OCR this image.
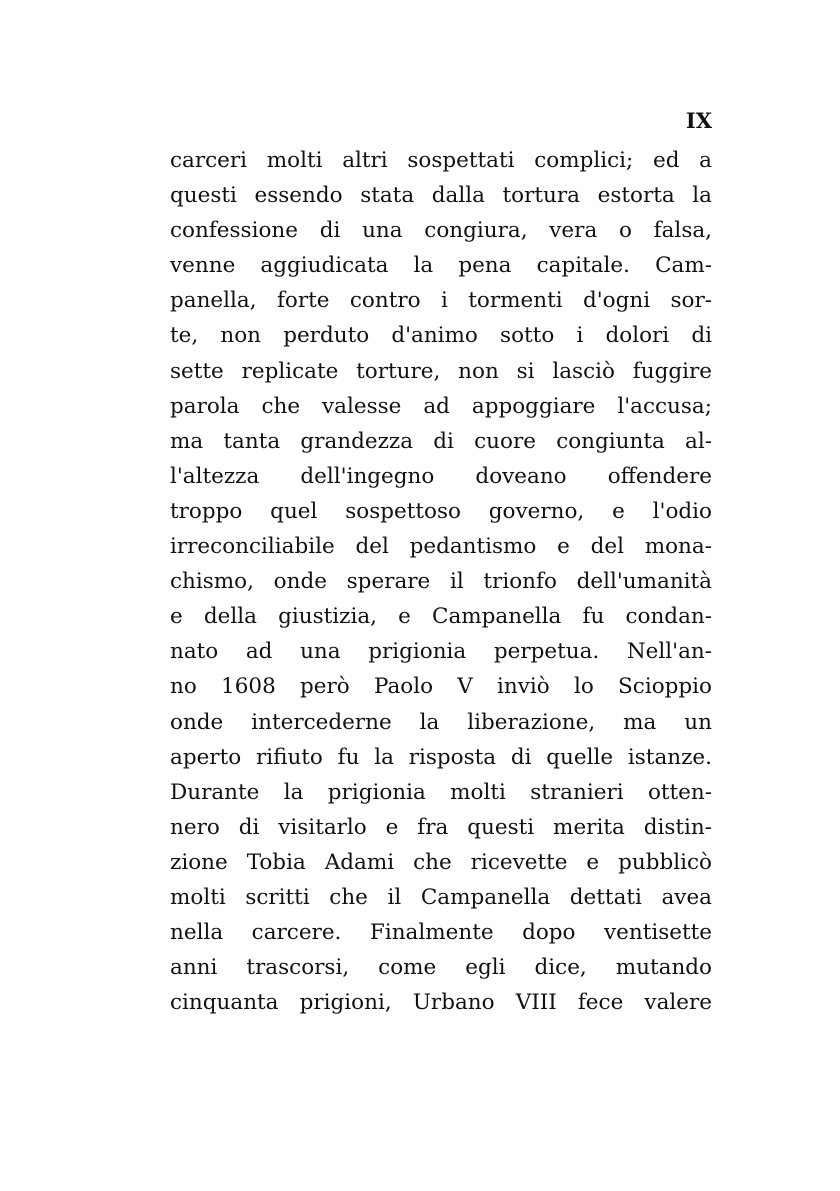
IX
carceri molti altri sospettati complici; ed a
questi essendo stata dalla tortura estorta la
confessione di una congiura, vera o falsa,
venne aggiudicata la pena capitale. Cam-
panella, forte contro i tormenti d'ogni sor-
te, non perduto d'animo sotto i dolori di
sette replicate torture, non si lasciò fuggire
parola che valesse ad appoggiare l'accusa;
ma tanta grandezza di cuore congiunta al-
l'altezza dell'ingegno doveano offendere
troppo quel sospettoso governo, e l'odio
irreconciliabile del pedantismo e del mona-
chismo, onde sperare il trionfo dell'umanità
e della giustizia, e Campanella fu condan-
nato ad una prigionia perpetua. Nell'an-
no 1608 però Paolo V inviò lo Scioppio
onde intercederne la liberazione, ma un
aperto rifiuto fu la risposta di quelle istanze.
Durante la prigionia molti stranieri otten-
nero di visitarlo e fra questi merita distin-
zione Tobia Adami che ricevette e pubblicò
molti scritti che il Campanella dettati avea
nella carcere. Finalmente dopo ventisette
anni trascorsi, come egli dice, mutando
cinquanta prigioni, Urbano VIII fece valere
